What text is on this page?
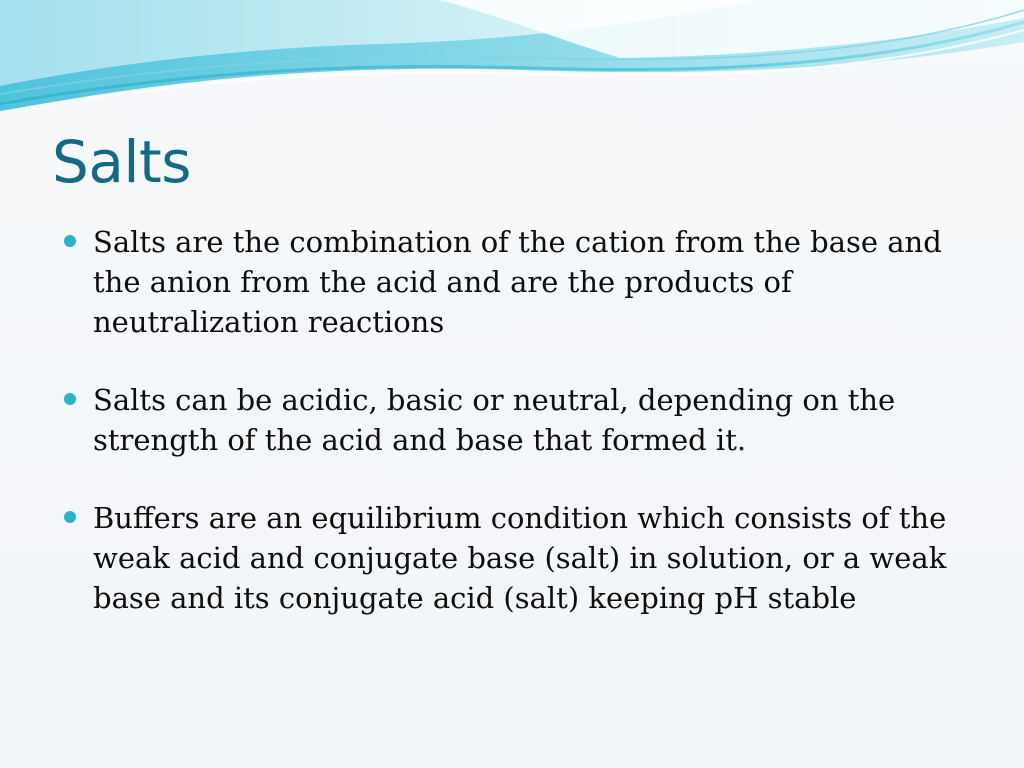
Salts
Salts are the combination of the cation from the base and the anion from the acid and are the products of neutralization reactions
Salts can be acidic, basic or neutral, depending on the strength of the acid and base that formed it.
Buffers are an equilibrium condition which consists of the weak acid and conjugate base (salt) in solution, or a weak base and its conjugate acid (salt) keeping pH stable
